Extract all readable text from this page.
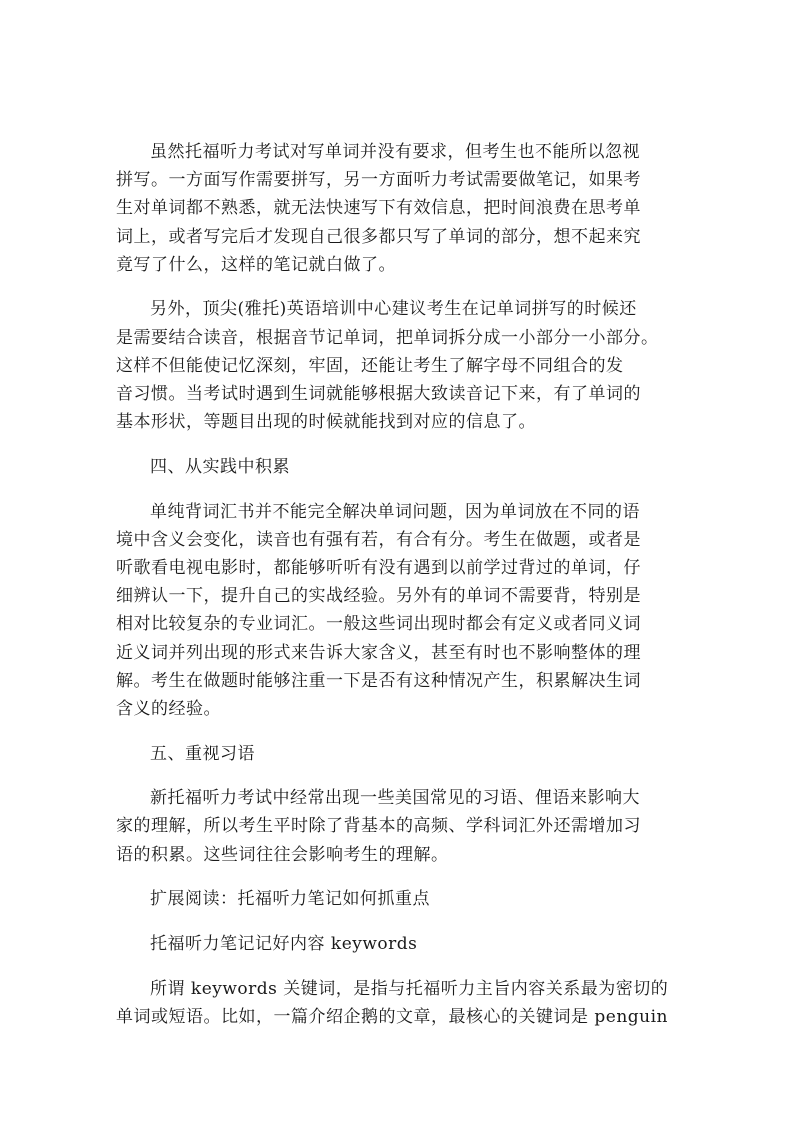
虽然托福听力考试对写单词并没有要求，但考生也不能所以忽视
拼写。一方面写作需要拼写，另一方面听力考试需要做笔记，如果考
生对单词都不熟悉，就无法快速写下有效信息，把时间浪费在思考单
词上，或者写完后才发现自己很多都只写了单词的部分，想不起来究
竟写了什么，这样的笔记就白做了。
另外，顶尖(雅托)英语培训中心建议考生在记单词拼写的时候还
是需要结合读音，根据音节记单词，把单词拆分成一小部分一小部分。
这样不但能使记忆深刻，牢固，还能让考生了解字母不同组合的发
音习惯。当考试时遇到生词就能够根据大致读音记下来，有了单词的
基本形状，等题目出现的时候就能找到对应的信息了。
四、从实践中积累
单纯背词汇书并不能完全解决单词问题，因为单词放在不同的语
境中含义会变化，读音也有强有若，有合有分。考生在做题，或者是
听歌看电视电影时，都能够听听有没有遇到以前学过背过的单词，仔
细辨认一下，提升自己的实战经验。另外有的单词不需要背，特别是
相对比较复杂的专业词汇。一般这些词出现时都会有定义或者同义词
近义词并列出现的形式来告诉大家含义，甚至有时也不影响整体的理
解。考生在做题时能够注重一下是否有这种情况产生，积累解决生词
含义的经验。
五、重视习语
新托福听力考试中经常出现一些美国常见的习语、俚语来影响大
家的理解，所以考生平时除了背基本的高频、学科词汇外还需增加习
语的积累。这些词往往会影响考生的理解。
扩展阅读：托福听力笔记如何抓重点
托福听力笔记记好内容 keywords
所谓 keywords 关键词，是指与托福听力主旨内容关系最为密切的
单词或短语。比如，一篇介绍企鹅的文章，最核心的关键词是 penguin
